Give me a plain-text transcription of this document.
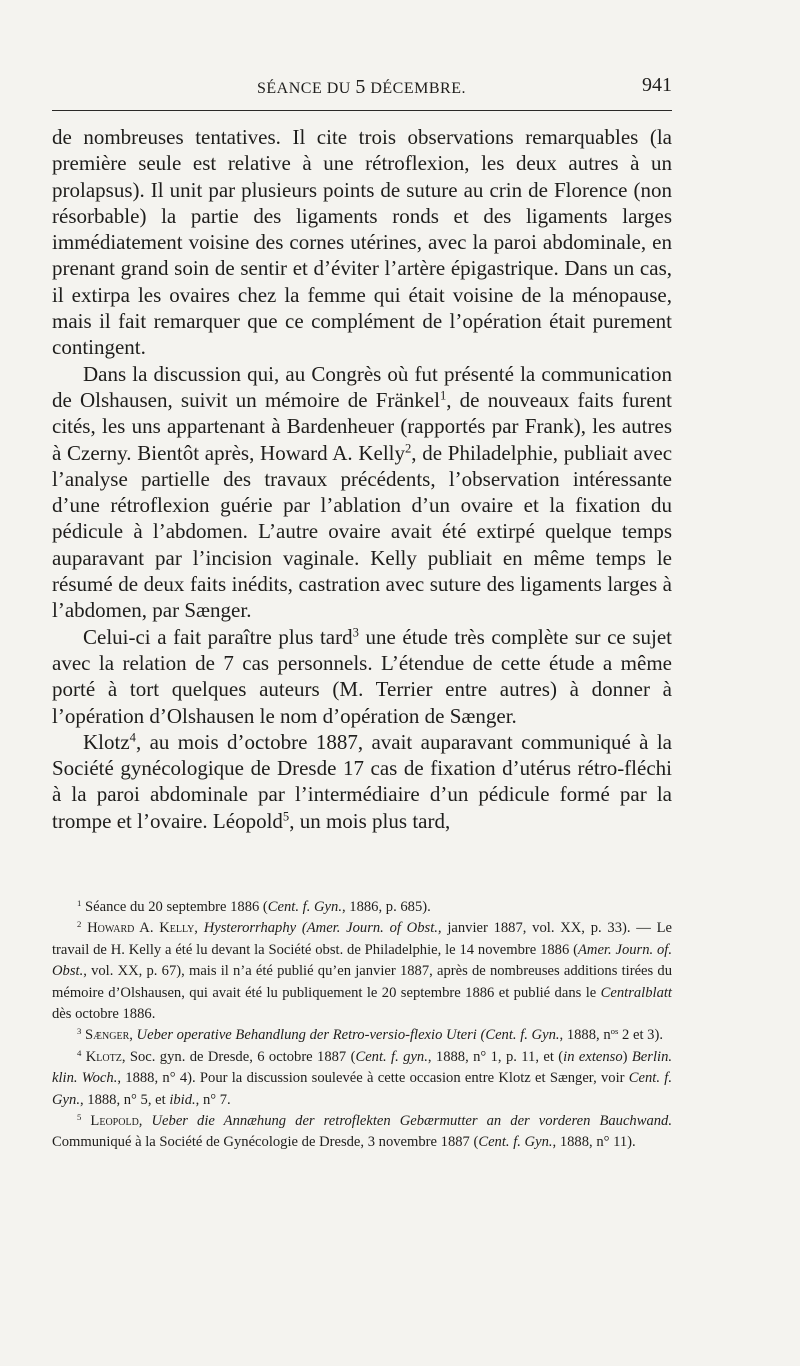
SÉANCE DU 5 DÉCEMBRE.	941

de nombreuses tentatives. Il cite trois observations remarquables (la première seule est relative à une rétroflexion, les deux autres à un prolapsus). Il unit par plusieurs points de suture au crin de Florence (non résorbable) la partie des ligaments ronds et des ligaments larges immédiatement voisine des cornes utérines, avec la paroi abdominale, en prenant grand soin de sentir et d’éviter l’artère épigastrique. Dans un cas, il extirpa les ovaires chez la femme qui était voisine de la ménopause, mais il fait remarquer que ce complément de l’opération était purement contingent.

Dans la discussion qui, au Congrès où fut présenté la communication de Olshausen, suivit un mémoire de Fränkel$^1$, de nouveaux faits furent cités, les uns appartenant à Bardenheuer (rapportés par Frank), les autres à Czerny. Bientôt après, Howard A. Kelly$^2$, de Philadelphie, publiait avec l’analyse partielle des travaux précédents, l’observation intéressante d’une rétroflexion guérie par l’ablation d’un ovaire et la fixation du pédicule à l’abdomen. L’autre ovaire avait été extirpé quelque temps auparavant par l’incision vaginale. Kelly publiait en même temps le résumé de deux faits inédits, castration avec suture des ligaments larges à l’abdomen, par Sænger.

Celui-ci a fait paraître plus tard$^3$ une étude très complète sur ce sujet avec la relation de 7 cas personnels. L’étendue de cette étude a même porté à tort quelques auteurs (M. Terrier entre autres) à donner à l’opération d’Olshausen le nom d’opération de Sænger.

Klotz$^4$, au mois d’octobre 1887, avait auparavant communiqué à la Société gynécologique de Dresde 17 cas de fixation d’utérus rétro-fléchi à la paroi abdominale par l’intermédiaire d’un pédicule formé par la trompe et l’ovaire. Léopold$^5$, un mois plus tard,

$^1$ Séance du 20 septembre 1886 (Cent. f. Gyn., 1886, p. 685).

$^2$ Howard A. Kelly, Hysterorrhaphy (Amer. Journ. of Obst., janvier 1887, vol. XX, p. 33). — Le travail de H. Kelly a été lu devant la Société obst. de Philadelphie, le 14 novembre 1886 (Amer. Journ. of. Obst., vol. XX, p. 67), mais il n’a été publié qu’en janvier 1887, après de nombreuses additions tirées du mémoire d’Olshausen, qui avait été lu publiquement le 20 septembre 1886 et publié dans le Centralblatt dès octobre 1886.

$^3$ Sænger, Ueber operative Behandlung der Retro-versio-flexio Uteri (Cent. f. Gyn., 1888, $n^{os}$ 2 et 3).

$^4$ Klotz, Soc. gyn. de Dresde, 6 octobre 1887 (Cent. f. gyn., 1888, n° 1, p. 11, et (in extenso) Berlin. klin. Woch., 1888, n° 4). Pour la discussion soulevée à cette occasion entre Klotz et Sænger, voir Cent. f. Gyn., 1888, n° 5, et ibid., n° 7.

$^5$ Leopold, Ueber die Annæhung der retroflekten Gebærmutter an der vorderen Bauchwand. Communiqué à la Société de Gynécologie de Dresde, 3 novembre 1887 (Cent. f. Gyn., 1888, n° 11).
